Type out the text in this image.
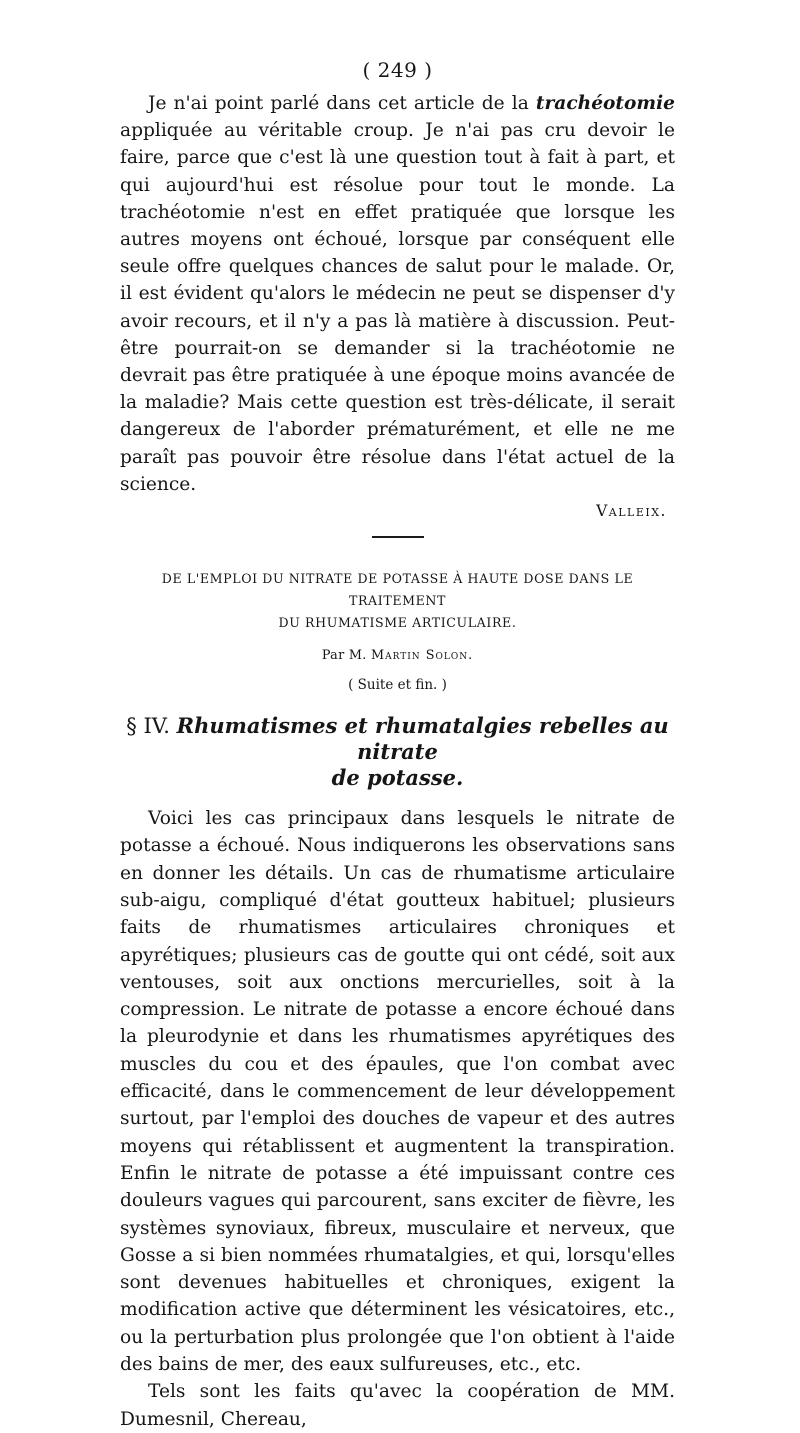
( 249 )

Je n'ai point parlé dans cet article de la trachéotomie appliquée au véritable croup. Je n'ai pas cru devoir le faire, parce que c'est là une question tout à fait à part, et qui aujourd'hui est résolue pour tout le monde. La trachéotomie n'est en effet pratiquée que lorsque les autres moyens ont échoué, lorsque par conséquent elle seule offre quelques chances de salut pour le malade. Or, il est évident qu'alors le médecin ne peut se dispenser d'y avoir recours, et il n'y a pas là matière à discussion. Peut-être pourrait-on se demander si la trachéotomie ne devrait pas être pratiquée à une époque moins avancée de la maladie? Mais cette question est très-délicate, il serait dangereux de l'aborder prématurément, et elle ne me paraît pas pouvoir être résolue dans l'état actuel de la science.

Valleix.

DE L'EMPLOI DU NITRATE DE POTASSE À HAUTE DOSE DANS LE TRAITEMENT

DU RHUMATISME ARTICULAIRE.

Par M. Martin Solon.
( Suite et fin. )
§ IV. Rhumatismes et rhumatalgies rebelles au nitrate
de potasse.

Voici les cas principaux dans lesquels le nitrate de potasse a échoué. Nous indiquerons les observations sans en donner les détails. Un cas de rhumatisme articulaire sub-aigu, compliqué d'état goutteux habituel; plusieurs faits de rhumatismes articulaires chroniques et apyrétiques; plusieurs cas de goutte qui ont cédé, soit aux ventouses, soit aux onctions mercurielles, soit à la compression. Le nitrate de potasse a encore échoué dans la pleurodynie et dans les rhumatismes apyrétiques des muscles du cou et des épaules, que l'on combat avec efficacité, dans le commencement de leur développement surtout, par l'emploi des douches de vapeur et des autres moyens qui rétablissent et augmentent la transpiration. Enfin le nitrate de potasse a été impuissant contre ces douleurs vagues qui parcourent, sans exciter de fièvre, les systèmes synoviaux, fibreux, musculaire et nerveux, que Gosse a si bien nommées rhumatalgies, et qui, lorsqu'elles sont devenues habituelles et chroniques, exigent la modification active que déterminent les vésicatoires, etc., ou la perturbation plus prolongée que l'on obtient à l'aide des bains de mer, des eaux sulfureuses, etc., etc.

Tels sont les faits qu'avec la coopération de MM. Dumesnil, Chereau,
